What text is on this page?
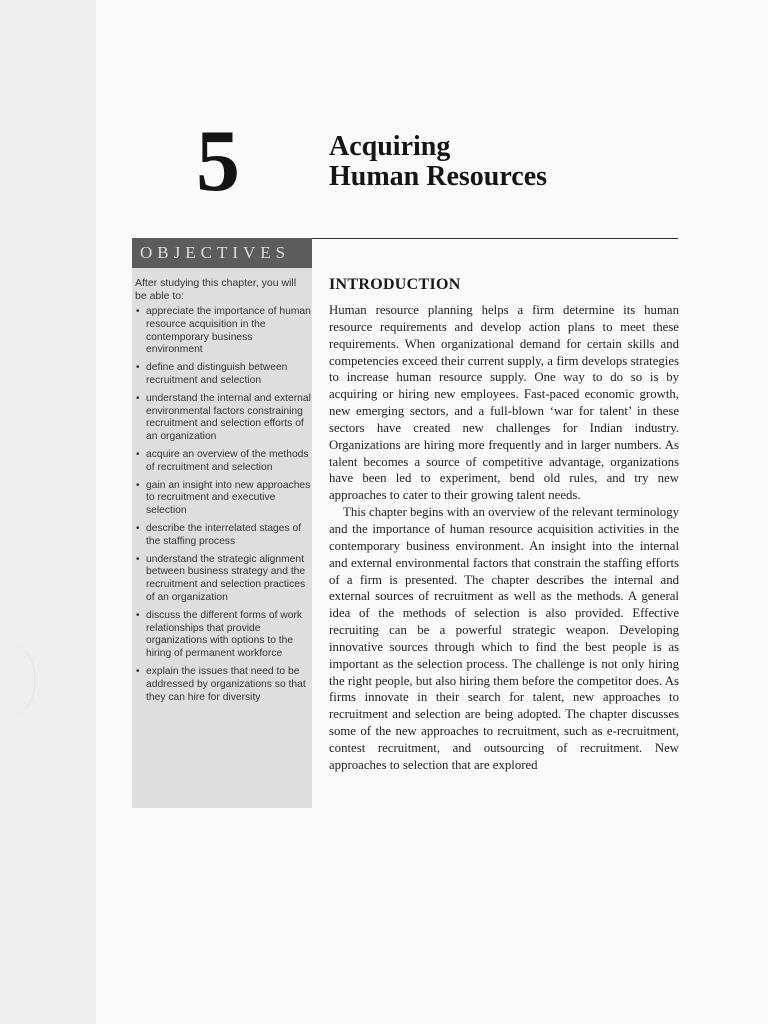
5	Acquiring
Human Resources
OBJECTIVES
After studying this chapter, you will be able to:
• appreciate the importance of human resource acquisition in the contemporary business environment
• define and distinguish between recruitment and selection
• understand the internal and external environmental factors constraining recruitment and selection efforts of an organization
• acquire an overview of the methods of recruitment and selection
• gain an insight into new approaches to recruitment and executive selection
• describe the interrelated stages of the staffing process
• understand the strategic alignment between business strategy and the recruitment and selection practices of an organization
• discuss the different forms of work relationships that provide organizations with options to the hiring of permanent workforce
• explain the issues that need to be addressed by organizations so that they can hire for diversity
INTRODUCTION

Human resource planning helps a firm determine its human resource requirements and develop action plans to meet these requirements. When organizational demand for certain skills and competencies exceed their current supply, a firm develops strategies to increase human resource supply. One way to do so is by acquiring or hiring new employees. Fast-paced economic growth, new emerging sectors, and a full-blown ‘war for talent’ in these sectors have created new challenges for Indian industry. Organizations are hiring more frequently and in larger numbers. As talent becomes a source of competitive advantage, organizations have been led to experiment, bend old rules, and try new approaches to cater to their growing talent needs.

This chapter begins with an overview of the relevant terminology and the importance of human resource acquisition activities in the contemporary business environment. An insight into the internal and external environmental factors that constrain the staffing efforts of a firm is presented. The chapter describes the internal and external sources of recruitment as well as the methods. A general idea of the methods of selection is also provided. Effective recruiting can be a powerful strategic weapon. Developing innovative sources through which to find the best people is as important as the selection process. The challenge is not only hiring the right people, but also hiring them before the competitor does. As firms innovate in their search for talent, new approaches to recruitment and selection are being adopted. The chapter discusses some of the new approaches to recruitment, such as e-recruitment, contest recruitment, and outsourcing of recruitment. New approaches to selection that are explored
